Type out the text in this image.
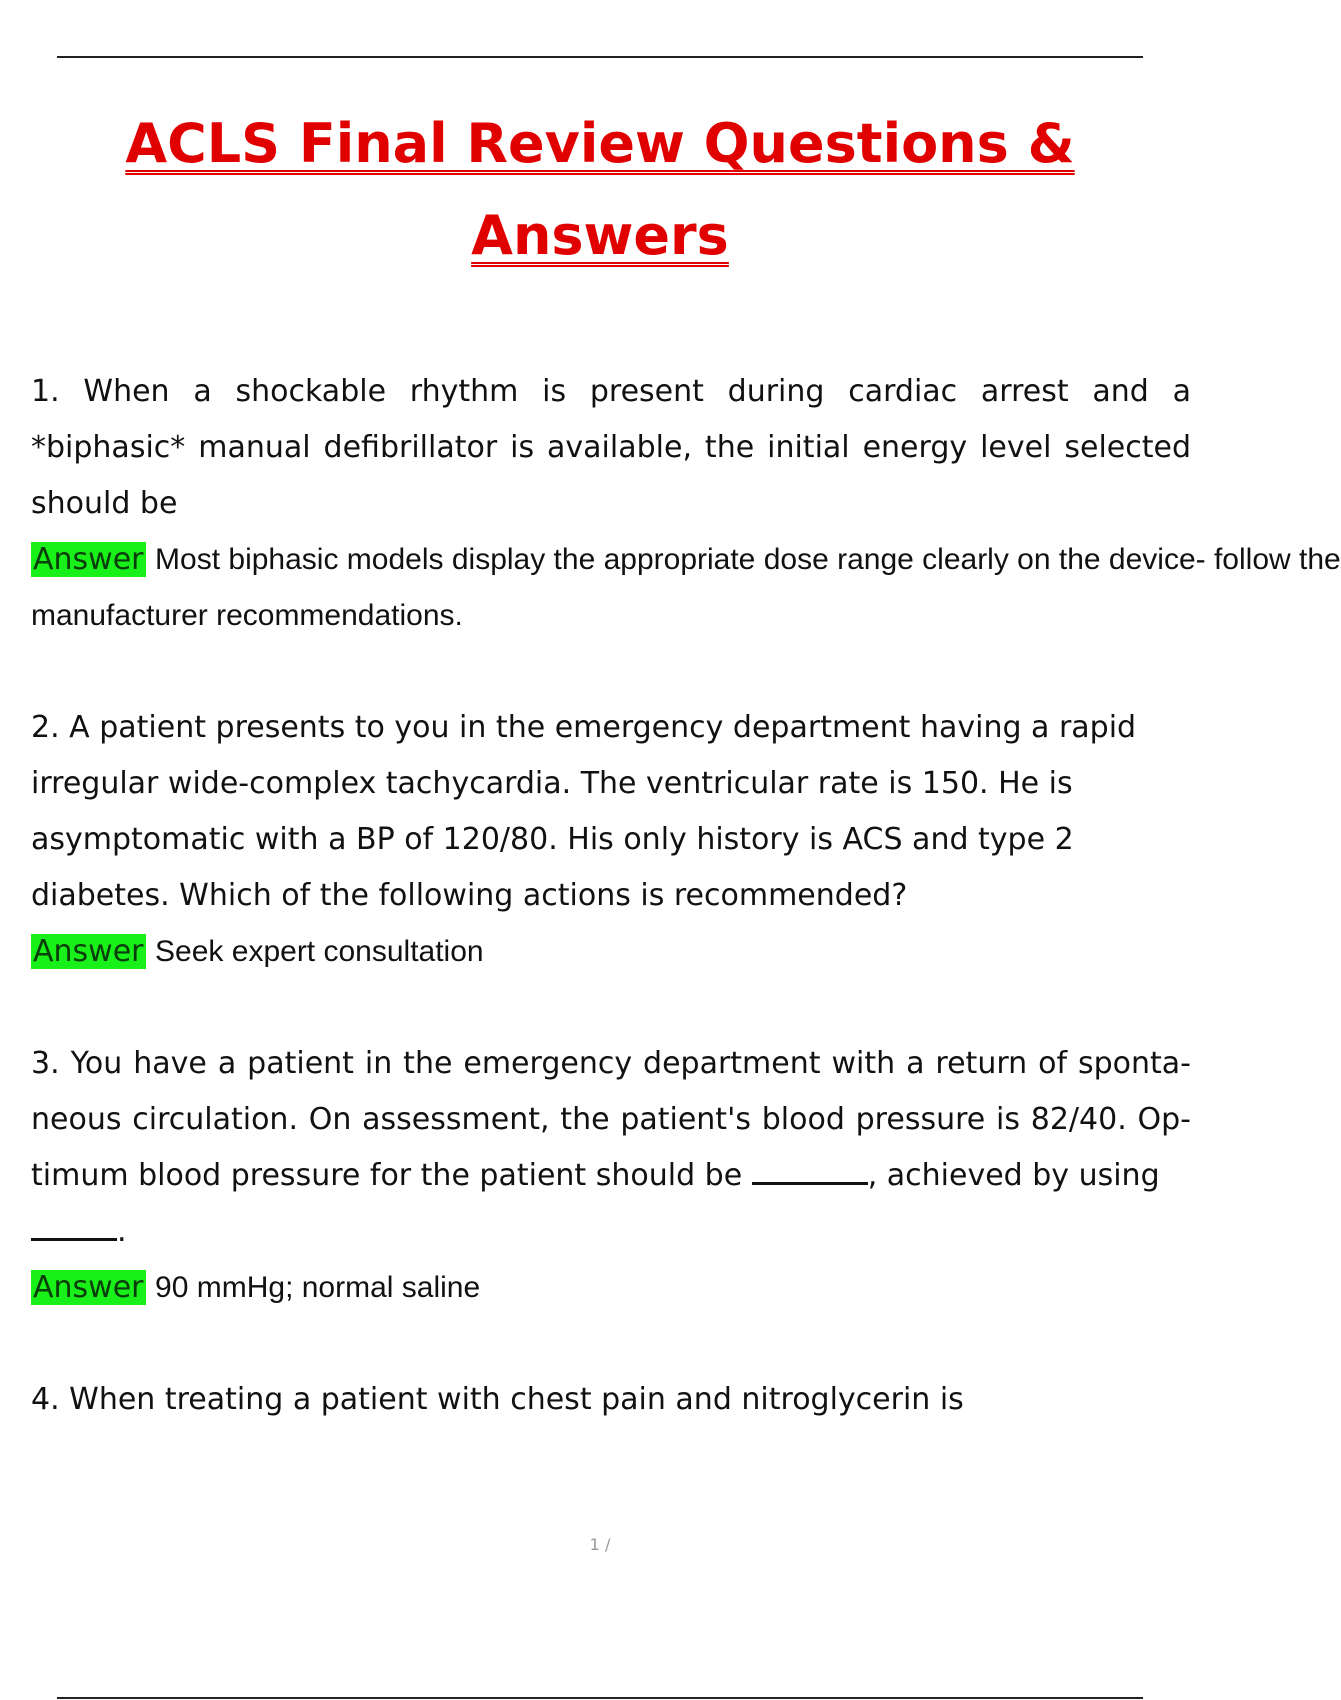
ACLS Final Review Questions &
Answers

1. When a shockable rhythm is present during cardiac arrest and a *biphasic* manual defibrillator is available, the initial energy level selected should be

Answer Most biphasic models display the appropriate dose range clearly on the device- follow the

manufacturer recommendations.

2. A patient presents to you in the emergency department having a rapid irregular wide-complex tachycardia. The ventricular rate is 150. He is asymptomatic with a BP of 120/80. His only history is ACS and type 2 diabetes. Which of the following actions is recommended?

Answer Seek expert consultation

3. You have a patient in the emergency department with a return of sponta- neous circulation. On assessment, the patient's blood pressure is 82/40. Op- timum blood pressure for the patient should be	, achieved by using

.

Answer 90 mmHg; normal saline

4. When treating a patient with chest pain and nitroglycerin is

1 /
